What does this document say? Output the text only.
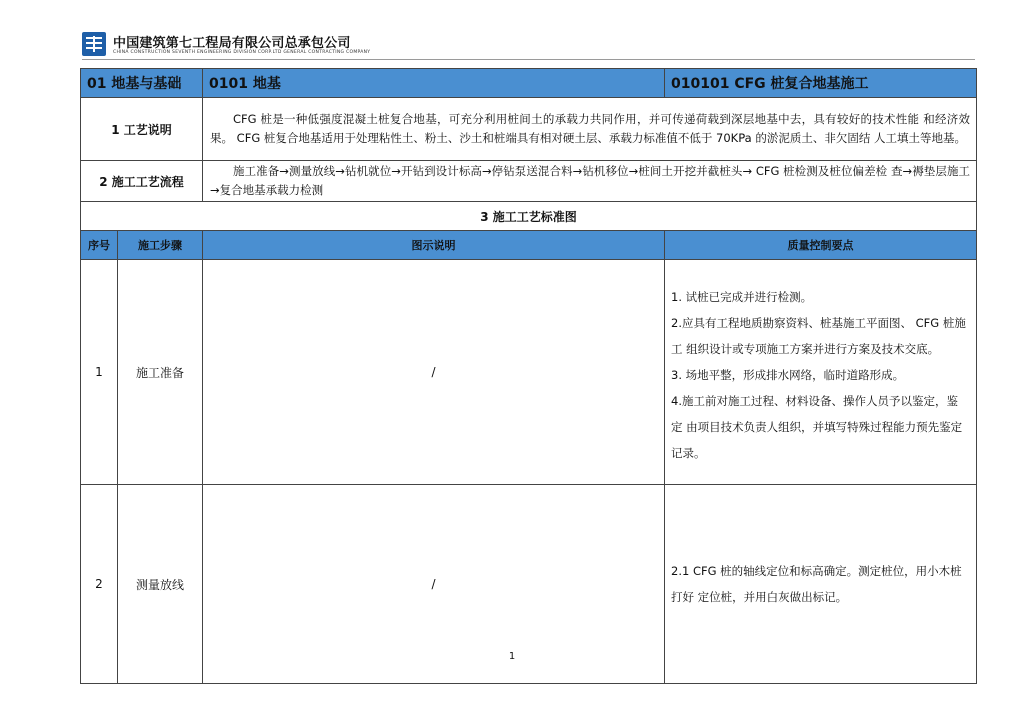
中国建筑第七工程局有限公司总承包公司
CHINA CONSTRUCTION SEVENTH ENGINEERING DIVISION CORP.LTD GENERAL CONTRACTING COMPANY
01 地基与基础		0101 地基	010101 CFG 桩复合地基施工
1 工艺说明		CFG 桩是一种低强度混凝土桩复合地基，可充分利用桩间土的承载力共同作用，并可传递荷载到深层地基中去，具有较好的技术性能 和经济效果。 CFG 桩复合地基适用于处理粘性土、粉土、沙土和桩端具有相对硬土层、承载力标准值不低于 70KPa 的淤泥质土、非欠固结 人工填土等地基。	

2 施工工艺流程		施工准备→测量放线→钻机就位→开钻到设计标高→停钻泵送混合料→钻机移位→桩间土开挖并截桩头→ CFG 桩检测及桩位偏差检 查→褥垫层施工→复合地基承载力检测	

3 施工工艺标准图			
序号	施工步骤	图示说明	质量控制要点
1	施工准备	/	1. 试桩已完成并进行检测。

2.应具有工程地质勘察资料、桩基施工平面图、 CFG 桩施工 组织设计或专项施工方案并进行方案及技术交底。

3. 场地平整，形成排水网络，临时道路形成。

4.施工前对施工过程、材料设备、操作人员予以鉴定，鉴定 由项目技术负责人组织，并填写特殊过程能力预先鉴定记录。

2	测量放线	/	2.1 CFG 桩的轴线定位和标高确定。测定桩位，用小木桩打好 定位桩，并用白灰做出标记。

1
